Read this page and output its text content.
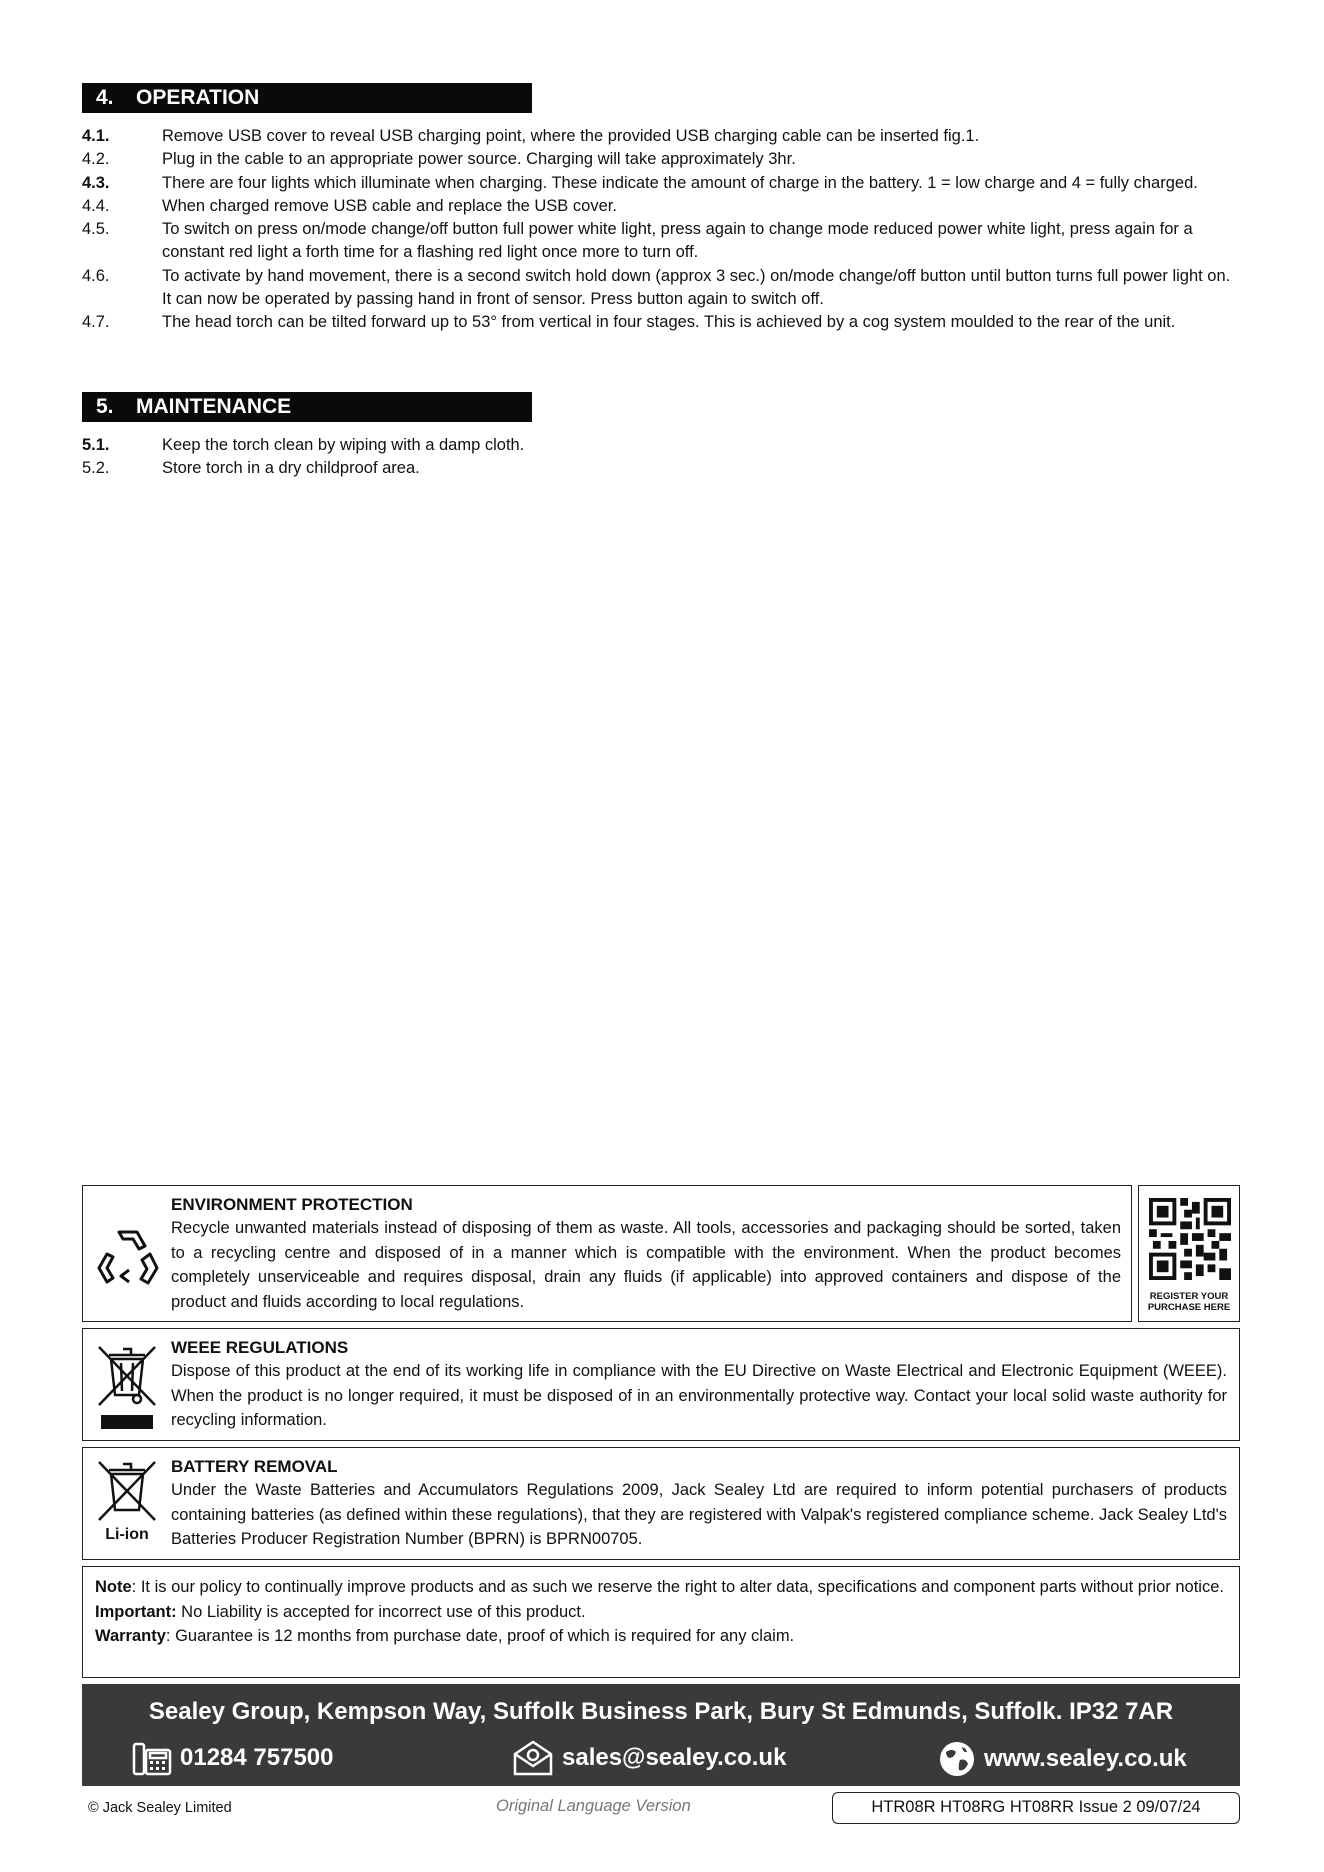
4. OPERATION
4.1.	Remove USB cover to reveal USB charging point, where the provided USB charging cable can be inserted fig.1.
4.2.	Plug in the cable to an appropriate power source. Charging will take approximately 3hr.
4.3.	There are four lights which illuminate when charging. These indicate the amount of charge in the battery. 1 = low charge and 4 = fully charged.
4.4.	When charged remove USB cable and replace the USB cover.
4.5.	To switch on press on/mode change/off button full power white light, press again to change mode reduced power white light, press again for a constant red light a forth time for a flashing red light once more to turn off.
4.6.	To activate by hand movement, there is a second switch hold down (approx 3 sec.) on/mode change/off button until button turns full power light on. It can now be operated by passing hand in front of sensor. Press button again to switch off.
4.7.	The head torch can be tilted forward up to 53° from vertical in four stages. This is achieved by a cog system moulded to the rear of the unit.
5. MAINTENANCE
5.1.	Keep the torch clean by wiping with a damp cloth.
5.2.	Store torch in a dry childproof area.
ENVIRONMENT PROTECTION
Recycle unwanted materials instead of disposing of them as waste. All tools, accessories and packaging should be sorted, taken to a recycling centre and disposed of in a manner which is compatible with the environment. When the product becomes completely unserviceable and requires disposal, drain any fluids (if applicable) into approved containers and dispose of the product and fluids according to local regulations.	REGISTER YOUR
PURCHASE HERE
WEEE REGULATIONS
Dispose of this product at the end of its working life in compliance with the EU Directive on Waste Electrical and Electronic Equipment (WEEE). When the product is no longer required, it must be disposed of in an environmentally protective way. Contact your local solid waste authority for recycling information.
Li-ion
BATTERY REMOVAL
Under the Waste Batteries and Accumulators Regulations 2009, Jack Sealey Ltd are required to inform potential purchasers of products containing batteries (as defined within these regulations), that they are registered with Valpak's registered compliance scheme. Jack Sealey Ltd's Batteries Producer Registration Number (BPRN) is BPRN00705.
Note: It is our policy to continually improve products and as such we reserve the right to alter data, specifications and component parts without prior notice.
Important: No Liability is accepted for incorrect use of this product.
Warranty: Guarantee is 12 months from purchase date, proof of which is required for any claim.
Sealey Group, Kempson Way, Suffolk Business Park, Bury St Edmunds, Suffolk. IP32 7AR
01284 757500	sales@sealey.co.uk	www.sealey.co.uk
© Jack Sealey Limited	Original Language Version	HTR08R HT08RG HT08RR Issue 2 09/07/24
